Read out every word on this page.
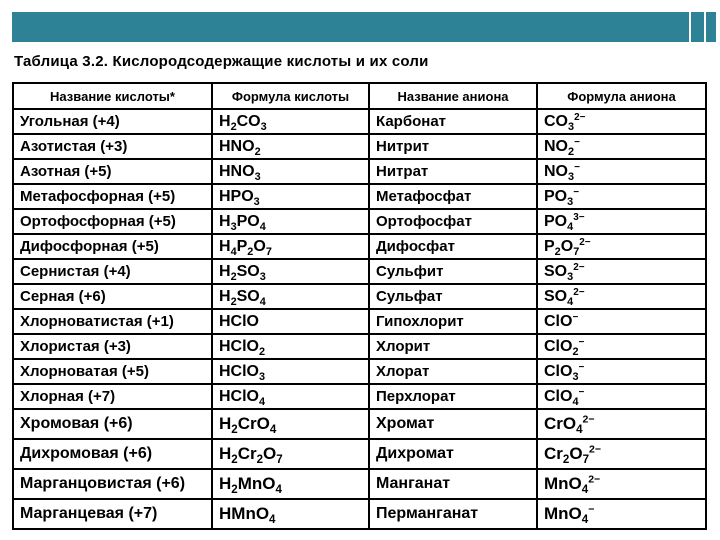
Таблица 3.2. Кислородсодержащие кислоты и их соли
Название кислоты*	Формула кислоты	Название аниона	Формула аниона
Угольная (+4)	$H_2CO_3$	Карбонат	$CO_3^{2-}$
Азотистая (+3)	$HNO_2$	Нитрит	$NO_2^-$
Азотная (+5)	$HNO_3$	Нитрат	$NO_3^-$
Метафосфорная (+5)	$HPO_3$	Метафосфат	$PO_3^-$
Ортофосфорная (+5)	$H_3PO_4$	Ортофосфат	$PO_4^{3-}$
Дифосфорная (+5)	$H_4P_2O_7$	Дифосфат	$P_2O_7^{2-}$
Сернистая (+4)	$H_2SO_3$	Сульфит	$SO_3^{2-}$
Серная (+6)	$H_2SO_4$	Сульфат	$SO_4^{2-}$
Хлорноватистая (+1)	HClO	Гипохлорит	ClO−
Хлористая (+3)	HClO$_2$	Хлорит	ClO$_2$−
Хлорноватая (+5)	HClO$_3$	Хлорат	ClO$_3$−
Хлорная (+7)	HClO$_4$	Перхлорат	ClO$_4$−
Хромовая (+6)	$H_2CrO_4$	Хромат	CrO$_4^{2-}$
Дихромовая (+6)	$H_2Cr_2O_7$	Дихромат	$Cr_2O_7^{2-}$
Марганцовистая (+6)	$H_2MnO_4$	Манганат	MnO$_4^{2-}$
Марганцевая (+7)	HMnO$_4$	Перманганат	MnO$_4$−
